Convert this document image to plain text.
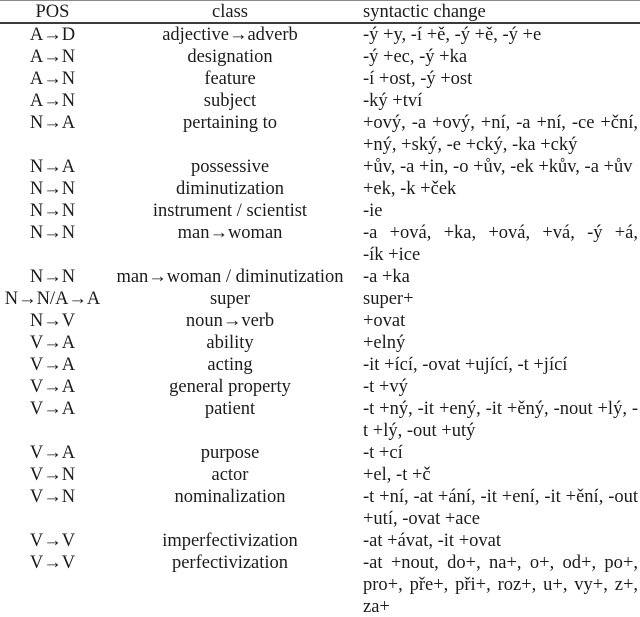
POS	class	syntactic change
A→D	adjective→adverb	-ý +y, -í +ě, -ý +ě, -ý +e
A→N	designation	-ý +ec, -ý +ka
A→N	feature	-í +ost, -ý +ost
A→N	subject	-ký +tví
N→A	pertaining to	+ový, -a +ový, +ní, -a +ní, -ce +ční, +ný, +ský, -e +cký, -ka +cký
N→A	possessive	+ův, -a +in, -o +ův, -ek +kův, -a +ův
N→N	diminutization	+ek, -k +ček
N→N	instrument / scientist	-ie
N→N	man→woman	-a +ová, +ka, +ová, +vá, -ý +á, -ík +ice
N→N	man→woman / diminutization	-a +ka
N→N/A→A	super	super+
N→V	noun→verb	+ovat
V→A	ability	+elný
V→A	acting	-it +ící, -ovat +ující, -t +jící
V→A	general property	-t +vý
V→A	patient	-t +ný, -it +ený, -it +ěný, -nout +lý, -t +lý, -out +utý
V→A	purpose	-t +cí
V→N	actor	+el, -t +č
V→N	nominalization	-t +ní, -at +ání, -it +ení, -it +ění, -out +utí, -ovat +ace
V→V	imperfectivization	-at +ávat, -it +ovat
V→V	perfectivization	-at +nout, do+, na+, o+, od+, po+, pro+, pře+, při+, roz+, u+, vy+, z+, za+
